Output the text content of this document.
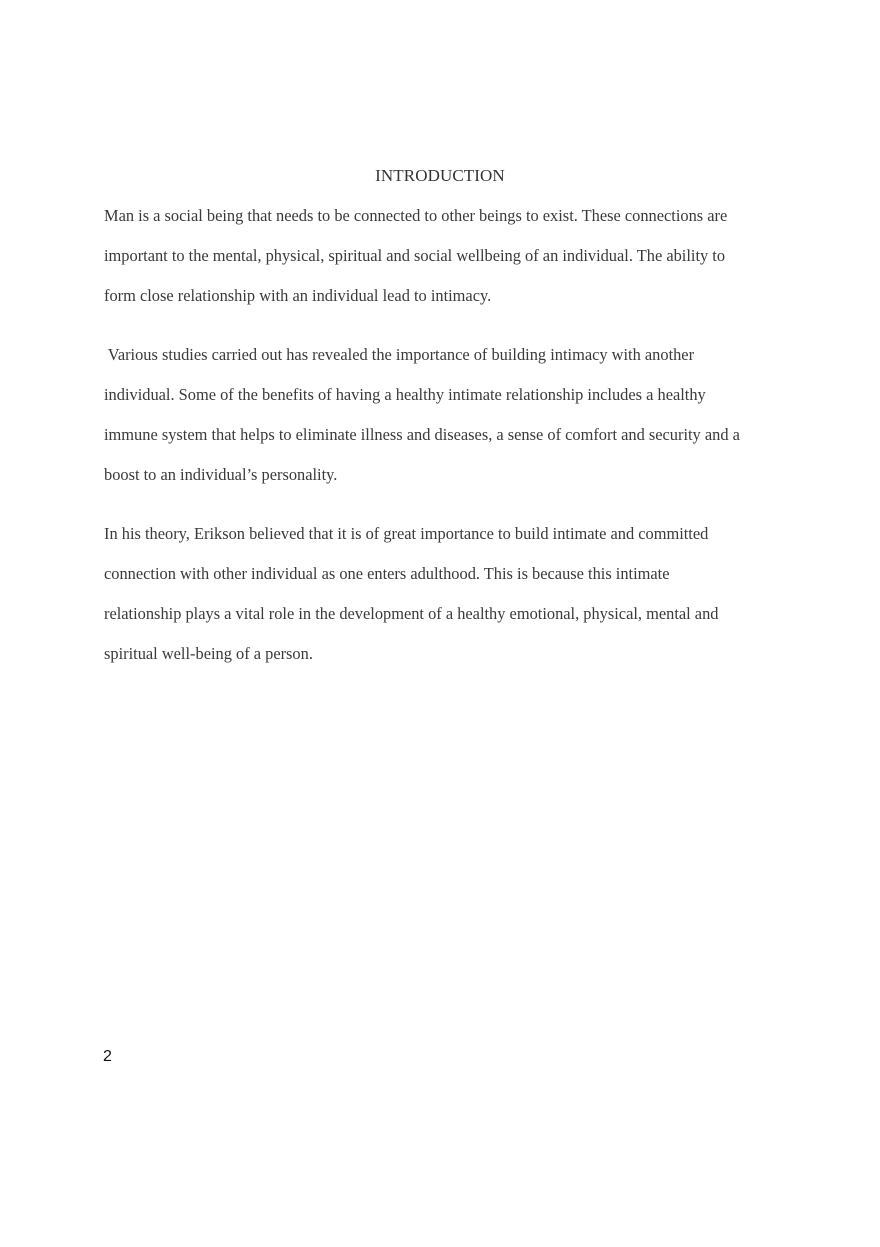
INTRODUCTION

Man is a social being that needs to be connected to other beings to exist. These connections are
important to the mental, physical, spiritual and social wellbeing of an individual. The ability to
form close relationship with an individual lead to intimacy.

Various studies carried out has revealed the importance of building intimacy with another
individual. Some of the benefits of having a healthy intimate relationship includes a healthy
immune system that helps to eliminate illness and diseases, a sense of comfort and security and a
boost to an individual’s personality.

In his theory, Erikson believed that it is of great importance to build intimate and committed
connection with other individual as one enters adulthood. This is because this intimate
relationship plays a vital role in the development of a healthy emotional, physical, mental and
spiritual well-being of a person.

2
